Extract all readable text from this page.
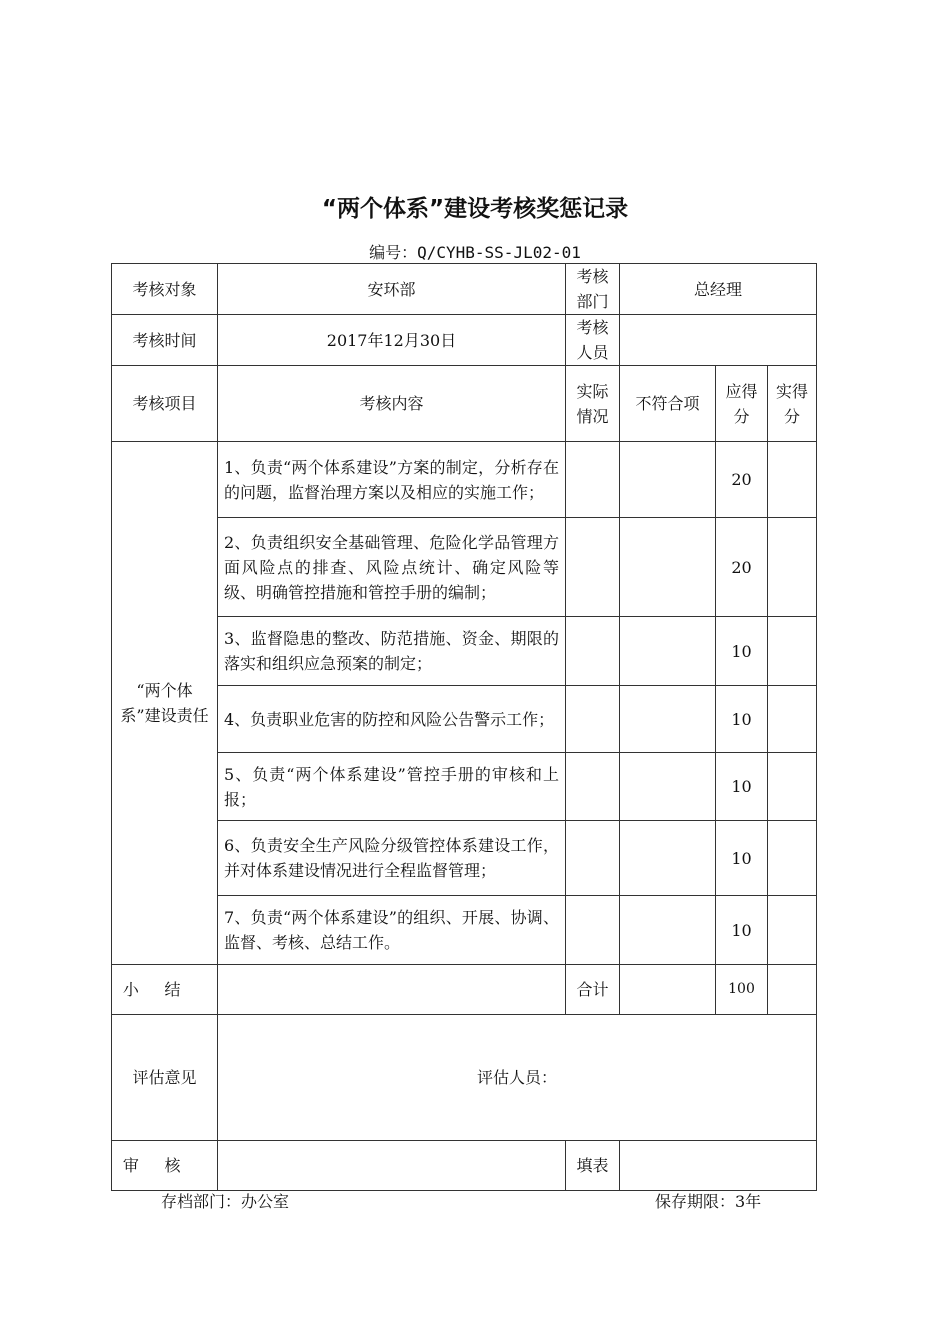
“两个体系”建设考核奖惩记录
编号：Q/CYHB-SS-JL02-01
考核对象	安环部	考核部门	总经理		
考核时间	2017年12月30日	考核人员			
考核项目	考核内容	实际情况	不符合项	应得分	实得分
“两个体系”建设责任	1、负责“两个体系建设”方案的制定，分析存在的问题，监督治理方案以及相应的实施工作；			20	

	2、负责组织安全基础管理、危险化学品管理方面风险点的排查、风险点统计、确定风险等级、明确管控措施和管控手册的编制；			20	

	3、监督隐患的整改、防范措施、资金、期限的落实和组织应急预案的制定；			10	

	4、负责职业危害的防控和风险公告警示工作；			10	

	5、负责“两个体系建设”管控手册的审核和上报；			10	

	6、负责安全生产风险分级管控体系建设工作，并对体系建设情况进行全程监督管理；			10	

	7、负责“两个体系建设”的组织、开展、协调、监督、考核、总结工作。			10	
小结		合计		100	
评估意见	评估人员：				
审核		填表			
存档部门：办公室	保存期限：3年
